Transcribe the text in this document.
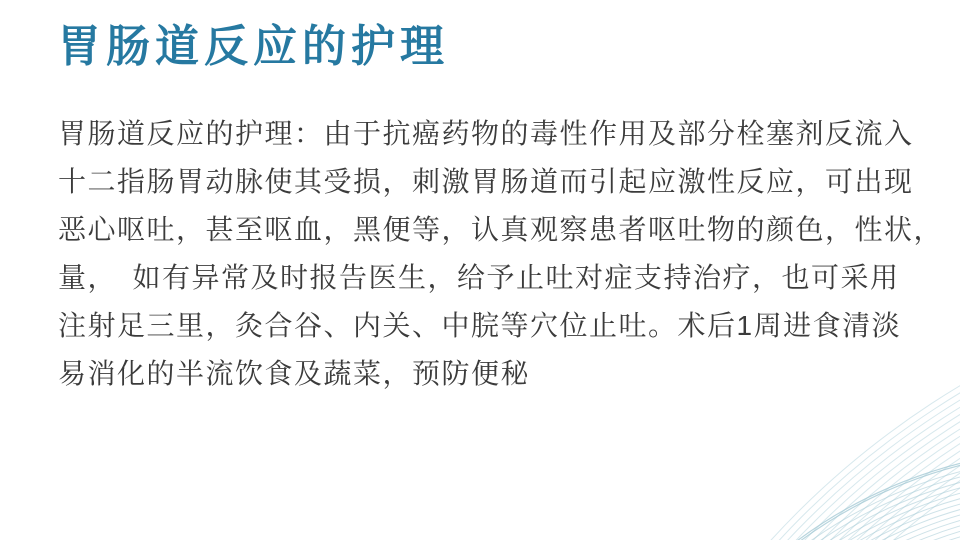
胃肠道反应的护理
胃肠道反应的护理：由于抗癌药物的毒性作用及部分栓塞剂反流入
十二指肠胃动脉使其受损，刺激胃肠道而引起应激性反应，可出现
恶心呕吐，甚至呕血，黑便等，认真观察患者呕吐物的颜色，性状，
量，　如有异常及时报告医生，给予止吐对症支持治疗，也可采用
注射足三里，灸合谷、内关、中脘等穴位止吐。术后1周进食清淡
易消化的半流饮食及蔬菜，预防便秘
